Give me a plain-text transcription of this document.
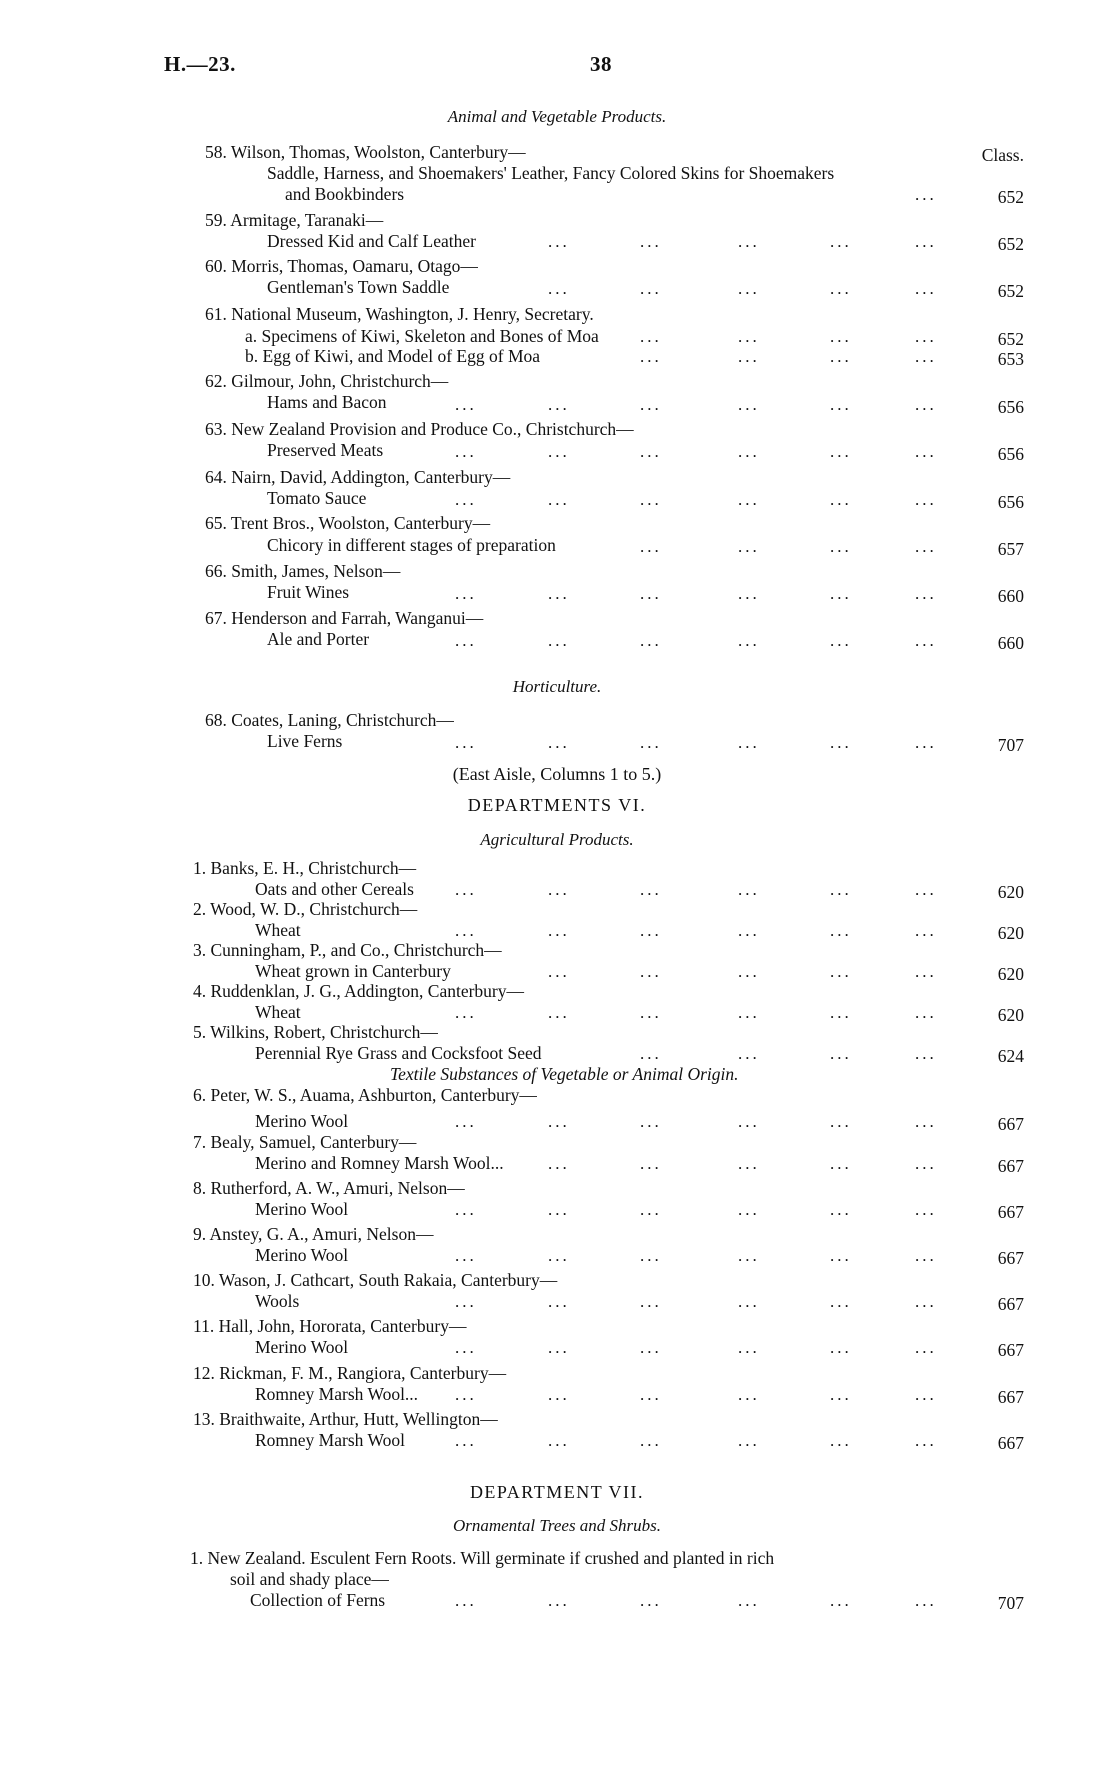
H.—23.	38
Animal and Vegetable Products.
Class.
58. Wilson, Thomas, Woolston, Canterbury—
Saddle, Harness, and Shoemakers' Leather, Fancy Colored Skins for Shoemakers
and Bookbinders	652
59. Armitage, Taranaki—
Dressed Kid and Calf Leather	652
60. Morris, Thomas, Oamaru, Otago—
Gentleman's Town Saddle	652
61. National Museum, Washington, J. Henry, Secretary.
a. Specimens of Kiwi, Skeleton and Bones of Moa	652
b. Egg of Kiwi, and Model of Egg of Moa	653
62. Gilmour, John, Christchurch—
Hams and Bacon	656
63. New Zealand Provision and Produce Co., Christchurch—
Preserved Meats	656
64. Nairn, David, Addington, Canterbury—
Tomato Sauce	656
65. Trent Bros., Woolston, Canterbury—
Chicory in different stages of preparation	657
66. Smith, James, Nelson—
Fruit Wines	660
67. Henderson and Farrah, Wanganui—
Ale and Porter	660
Horticulture.
68. Coates, Laning, Christchurch—
Live Ferns	707
(East Aisle, Columns 1 to 5.)
DEPARTMENTS VI.
Agricultural Products.
1. Banks, E. H., Christchurch—
Oats and other Cereals	620
2. Wood, W. D., Christchurch—
Wheat	620
3. Cunningham, P., and Co., Christchurch—
Wheat grown in Canterbury	620
4. Ruddenklan, J. G., Addington, Canterbury—
Wheat	620
5. Wilkins, Robert, Christchurch—
Perennial Rye Grass and Cocksfoot Seed	624
Textile Substances of Vegetable or Animal Origin.
6. Peter, W. S., Auama, Ashburton, Canterbury—
Merino Wool	667
7. Bealy, Samuel, Canterbury—
Merino and Romney Marsh Wool...	667
8. Rutherford, A. W., Amuri, Nelson—
Merino Wool	667
9. Anstey, G. A., Amuri, Nelson—
Merino Wool	667
10. Wason, J. Cathcart, South Rakaia, Canterbury—
Wools	667
11. Hall, John, Hororata, Canterbury—
Merino Wool	667
12. Rickman, F. M., Rangiora, Canterbury—
Romney Marsh Wool...	667
13. Braithwaite, Arthur, Hutt, Wellington—
Romney Marsh Wool	667
DEPARTMENT VII.
Ornamental Trees and Shrubs.
1. New Zealand. Esculent Fern Roots. Will germinate if crushed and planted in rich
soil and shady place—
Collection of Ferns	707
...
...	...	...	...	...
...	...	...	...	...
...	...	...	...
...	...	...	...
...	...	...	...	...	...
...	...	...	...	...	...
...	...	...	...	...	...
...	...	...	...
...	...	...	...	...	...
...	...	...	...	...	...
...	...	...	...	...	...
...	...	...	...	...	...
...	...	...	...	...	...
...	...	...	...	...
...	...	...	...	...	...
...	...	...	...
...	...	...	...	...	...
...	...	...	...	...
...	...	...	...	...	...
...	...	...	...	...	...
...	...	...	...	...	...
...	...	...	...	...	...
...	...	...	...	...	...
...	...	...	...	...	...
...	...	...	...	...	...
